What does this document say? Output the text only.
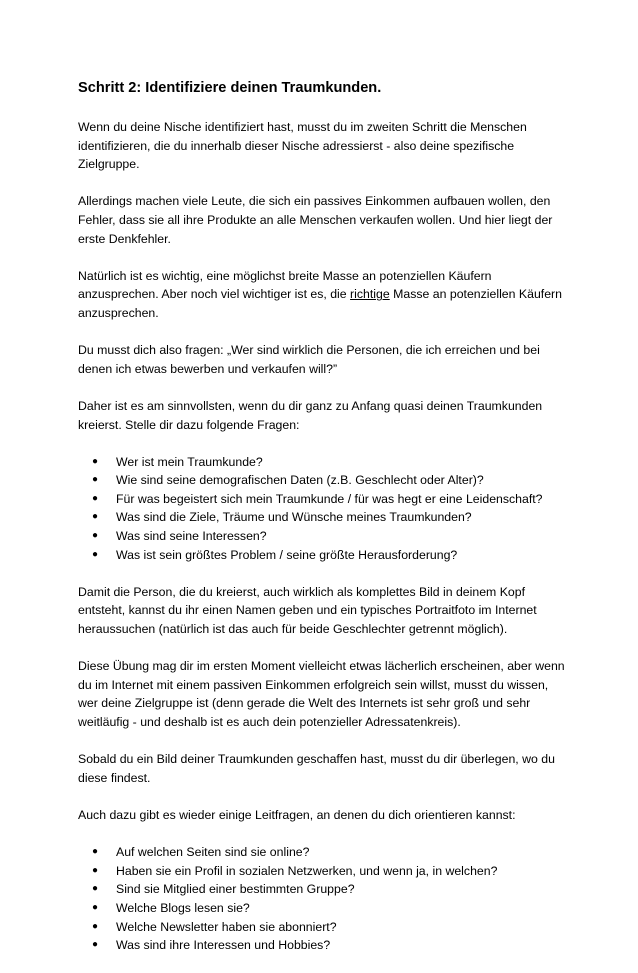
Schritt 2: Identifiziere deinen Traumkunden.

Wenn du deine Nische identifiziert hast, musst du im zweiten Schritt die Menschen identifizieren, die du innerhalb dieser Nische adressierst - also deine spezifische Zielgruppe.

Allerdings machen viele Leute, die sich ein passives Einkommen aufbauen wollen, den Fehler, dass sie all ihre Produkte an alle Menschen verkaufen wollen. Und hier liegt der erste Denkfehler.

Natürlich ist es wichtig, eine möglichst breite Masse an potenziellen Käufern anzusprechen. Aber noch viel wichtiger ist es, die richtige Masse an potenziellen Käufern anzusprechen.

Du musst dich also fragen: „Wer sind wirklich die Personen, die ich erreichen und bei denen ich etwas bewerben und verkaufen will?”

Daher ist es am sinnvollsten, wenn du dir ganz zu Anfang quasi deinen Traumkunden kreierst. Stelle dir dazu folgende Fragen:

● Wer ist mein Traumkunde?
● Wie sind seine demografischen Daten (z.B. Geschlecht oder Alter)?
● Für was begeistert sich mein Traumkunde / für was hegt er eine Leidenschaft?
● Was sind die Ziele, Träume und Wünsche meines Traumkunden?
● Was sind seine Interessen?
● Was ist sein größtes Problem / seine größte Herausforderung?

Damit die Person, die du kreierst, auch wirklich als komplettes Bild in deinem Kopf entsteht, kannst du ihr einen Namen geben und ein typisches Portraitfoto im Internet heraussuchen (natürlich ist das auch für beide Geschlechter getrennt möglich).

Diese Übung mag dir im ersten Moment vielleicht etwas lächerlich erscheinen, aber wenn du im Internet mit einem passiven Einkommen erfolgreich sein willst, musst du wissen, wer deine Zielgruppe ist (denn gerade die Welt des Internets ist sehr groß und sehr weitläufig - und deshalb ist es auch dein potenzieller Adressatenkreis).

Sobald du ein Bild deiner Traumkunden geschaffen hast, musst du dir überlegen, wo du diese findest.

Auch dazu gibt es wieder einige Leitfragen, an denen du dich orientieren kannst:

● Auf welchen Seiten sind sie online?
● Haben sie ein Profil in sozialen Netzwerken, und wenn ja, in welchen?
● Sind sie Mitglied einer bestimmten Gruppe?
● Welche Blogs lesen sie?
● Welche Newsletter haben sie abonniert?
● Was sind ihre Interessen und Hobbies?
